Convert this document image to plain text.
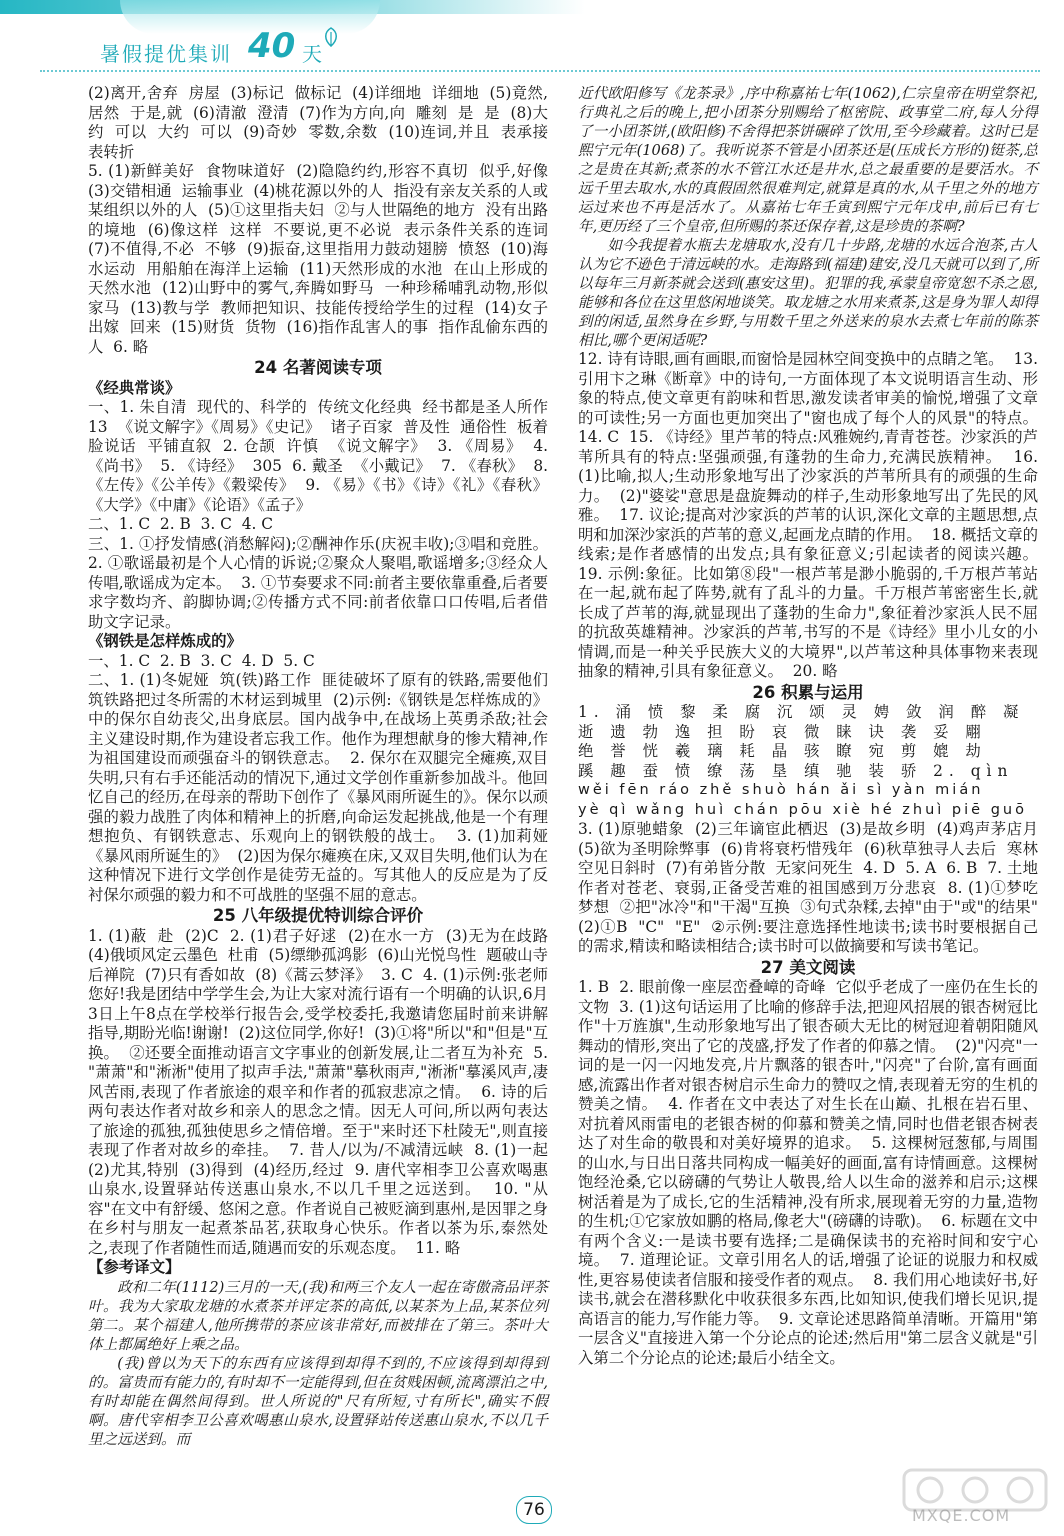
暑假提优集训 40 天

(2)离开,舍弃  房屋  (3)标记  做标记  (4)详细地  详细地  (5)竟然,居然  于是,就  (6)清澈  澄清  (7)作为方向,向  雕刻  是  是  (8)大约  可以  大约  可以  (9)奇妙  零数,余数  (10)连词,并且  表承接  表转折

5. (1)新鲜美好  食物味道好  (2)隐隐约约,形容不真切  似乎,好像  (3)交错相通  运输事业  (4)桃花源以外的人  指没有亲友关系的人或某组织以外的人  (5)①这里指夫妇  ②与人世隔绝的地方  没有出路的境地  (6)像这样  这样  不要说,更不必说  表示条件关系的连词  (7)不值得,不必  不够  (9)振奋,这里指用力鼓动翅膀  愤怒  (10)海水运动  用船舶在海洋上运输  (11)天然形成的水池  在山上形成的天然水池  (12)山野中的雾气,奔腾如野马  一种珍稀哺乳动物,形似家马  (13)教与学  教师把知识、技能传授给学生的过程  (14)女子出嫁  回来  (15)财货  货物  (16)指作乱害人的事  指作乱偷东西的人  6. 略

24 名著阅读专项

《经典常谈》

一、1. 朱自清  现代的、科学的  传统文化经典  经书都是圣人所作  13  《说文解字》《周易》《史记》  诸子百家  普及性  通俗性  板着脸说话  平铺直叙  2. 仓颉  许慎  《说文解字》  3. 《周易》  4. 《尚书》  5. 《诗经》  305  6. 戴圣  《小戴记》  7. 《春秋》  8. 《左传》《公羊传》《穀梁传》  9. 《易》《书》《诗》《礼》《春秋》  《大学》《中庸》《论语》《孟子》

二、1. C  2. B  3. C  4. C

三、1. ①抒发情感(消愁解闷);②酬神作乐(庆祝丰收);③唱和竞胜。  2. ①歌谣最初是个人心情的诉说;②聚众人聚唱,歌谣增多;③经众人传唱,歌谣成为定本。  3. ①节奏要求不同:前者主要依靠重叠,后者要求字数均齐、韵脚协调;②传播方式不同:前者依靠口口传唱,后者借助文字记录。

《钢铁是怎样炼成的》

一、1. C  2. B  3. C  4. D  5. C

二、1. (1)冬妮娅  筑(铁)路工作  匪徒破坏了原有的铁路,需要他们筑铁路把过冬所需的木材运到城里  (2)示例:《钢铁是怎样炼成的》中的保尔自幼丧父,出身底层。国内战争中,在战场上英勇杀敌;社会主义建设时期,作为建设者忘我工作。他作为理想献身的惨大精神,作为祖国建设而顽强奋斗的钢铁意志。  2. 保尔在双腿完全瘫痪,双目失明,只有右手还能活动的情况下,通过文学创作重新参加战斗。他回忆自己的经历,在母亲的帮助下创作了《暴风雨所诞生的》。保尔以顽强的毅力战胜了肉体和精神上的折磨,向命运发起挑战,他是一个有理想抱负、有钢铁意志、乐观向上的钢铁般的战士。  3. (1)加莉娅  《暴风雨所诞生的》  (2)因为保尔瘫痪在床,又双目失明,他们认为在这种情况下进行文学创作是徒劳无益的。写其他人的反应是为了反衬保尔顽强的毅力和不可战胜的坚强不屈的意志。

25 八年级提优特训综合评价

1. (1)蔽  赴  (2)C  2. (1)君子好逑  (2)在水一方  (3)无为在歧路  (4)俄顷风定云墨色  杜甫  (5)缥缈孤鸿影  (6)山光悦鸟性  题破山寺后禅院  (7)只有香如故  (8)《蒿云梦泽》  3. C  4. (1)示例:张老师您好!我是团结中学学生会,为让大家对流行语有一个明确的认识,6月3日上午8点在学校举行报告会,受学校委托,我邀请您届时前来讲解指导,期盼光临!谢谢!  (2)这位同学,你好!  (3)①将"所以"和"但是"互换。  ②还要全面推动语言文字事业的创新发展,让二者互为补充  5. "萧萧"和"淅淅"使用了拟声手法,"萧萧"摹秋雨声,"淅淅"摹溪风声,凄风苦雨,表现了作者旅途的艰辛和作者的孤寂悲凉之情。  6. 诗的后两句表达作者对故乡和亲人的思念之情。因无人可问,所以两句表达了旅途的孤独,孤独使思乡之情倍增。至于"来时还下杜陵无",则直接表现了作者对故乡的牵挂。  7. 昔人/以为/不减清远峡  8. (1)一起  (2)尤其,特别  (3)得到  (4)经历,经过  9. 唐代宰相李卫公喜欢喝惠山泉水,设置驿站传送惠山泉水,不以几千里之远送到。  10. "从容"在文中有舒缓、悠闲之意。作者说自己被贬滴到惠州,是因罪之身在乡村与朋友一起煮茶品茗,获取身心快乐。作者以茶为乐,泰然处之,表现了作者随性而适,随遇而安的乐观态度。  11. 略

【参考译文】

政和二年(1112)三月的一天,(我)和两三个友人一起在寄傲斋品评茶叶。我为大家取龙塘的水煮茶并评定茶的高低,以某茶为上品,某茶位列第二。某个福建人,他所携带的茶应该非常好,而被排在了第三。茶叶大体上都属绝好上乘之品。

(我)曾以为天下的东西有应该得到却得不到的,不应该得到却得到的。富贵而有能力的,有时却不一定能得到,但在贫贱困顿,流离漂泊之中,有时却能在偶然间得到。世人所说的"尺有所短,寸有所长",确实不假啊。唐代宰相李卫公喜欢喝惠山泉水,设置驿站传送惠山泉水,不以几千里之远送到。而

近代欧阳修写《龙茶录》,序中称嘉祐七年(1062),仁宗皇帝在明堂祭祀,行典礼之后的晚上,把小团茶分别赐给了枢密院、政事堂二府,每人分得了一小团茶饼,(欧阳修)不舍得把茶饼碾碎了饮用,至今珍藏着。这时已是熙宁元年(1068)了。我听说茶不管是小团茶还是(压成长方形的)铤茶,总之是贵在其新;煮茶的水不管江水还是井水,总之最重要的是要活水。不远千里去取水,水的真假固然很难判定,就算是真的水,从千里之外的地方运过来也不再是活水了。从嘉祐七年壬寅到熙宁元年戊申,前后已有七年,更历经了三个皇帝,但所赐的茶还保存着,这是珍贵的茶啊?

如今我提着水瓶去龙塘取水,没有几十步路,龙塘的水远合泡茶,古人认为它不逊色于清远峡的水。走海路到(福建)建安,没几天就可以到了,所以每年三月新茶就会送到(惠安这里)。犯罪的我,承蒙皇帝宽恕不杀之恩,能够和各位在这里悠闲地谈笑。取龙塘之水用来煮茶,这是身为罪人却得到的闲适,虽然身在乡野,与用数千里之外送来的泉水去煮七年前的陈茶相比,哪个更闲适呢?

12. 诗有诗眼,画有画眼,而窗恰是园林空间变换中的点睛之笔。  13. 引用卞之琳《断章》中的诗句,一方面体现了本文说明语言生动、形象的特点,使文章更有韵味和哲思,激发读者审美的愉悦,增强了文章的可读性;另一方面也更加突出了"窗也成了每个人的风景"的特点。  14. C  15. 《诗经》里芦苇的特点:风雅婉约,青青苍苍。沙家浜的芦苇所具有的特点:坚强顽强,有蓬勃的生命力,充满民族精神。  16. (1)比喻,拟人;生动形象地写出了沙家浜的芦苇所具有的顽强的生命力。  (2)"婆娑"意思是盘旋舞动的样子,生动形象地写出了先民的风雅。  17. 议论;提高对沙家浜的芦苇的认识,深化文章的主题思想,点明和加深沙家浜的芦苇的意义,起画龙点睛的作用。  18. 概括文章的线索;是作者感情的出发点;具有象征意义;引起读者的阅读兴趣。  19. 示例:象征。比如第⑧段"一根芦苇是渺小脆弱的,千万根芦苇站在一起,就布起了阵势,就有了乱斗的力量。千万根芦苇密密生长,就长成了芦苇的海,就显现出了蓬勃的生命力",象征着沙家浜人民不屈的抗敌英雄精神。沙家浜的芦苇,书写的不是《诗经》里小儿女的小情调,而是一种关乎民族大义的大境界",以芦苇这种具体事物来表现抽象的精神,引具有象征意义。  20. 略

26 积累与运用

1. 涌 愤 黎 柔 腐 沉 颂 灵 娉 敛 润 醉 凝

逝 遗 勃 逸 担 盼 哀 微 睐 诀 袭 妥 翢

绝 誉 恍 羲 璃 耗 晶 骇 瞭 宛 剪 媲 劫

蹊 趣 蚕 愤 缭 荡 垦 缜 驰 装 骄 2. qìn

wěi fēn ráo zhě shuò hán ǎi sì yàn mián

yè qì wǎng huì chán pōu xiè hé zhuì piē guō

3. (1)原驰蜡象  (2)三年谪宦此栖迟  (3)是故乡明  (4)鸡声茅店月  (5)欲为圣明除弊事  (6)肯将衰朽惜残年  (6)秋草独寻人去后  寒林空见日斜时  (7)有弟皆分散  无家问死生  4. D  5. A  6. B  7. 土地  作者对苍老、衰弱,正备受苦难的祖国感到万分悲哀  8. (1)①梦吃  梦想  ②把"冰冷"和"干渴"互换  ③句式杂糅,去掉"由于"或"的结果"  (2)①B  "C"  "E"  ②示例:要注意选择性地读书;读书时要根据自己的需求,精读和略读相结合;读书时可以做摘要和写读书笔记。

27 美文阅读

1. B  2. 眼前像一座层峦叠嶂的奇峰  它似乎老成了一座仍在生长的文物  3. (1)这句话运用了比喻的修辞手法,把迎风招展的银杏树冠比作"十万旌旗",生动形象地写出了银杏硕大无比的树冠迎着朝阳随风舞动的情形,突出了它的茂盛,抒发了作者的仰慕之情。  (2)"闪亮"一词的是一闪一闪地发亮,片片飘落的银杏叶,"闪亮"了台阶,富有画面感,流露出作者对银杏树启示生命力的赞叹之情,表现着无穷的生机的赞美之情。  4. 作者在文中表达了对生长在山巅、扎根在岩石里、对抗着风雨雷电的老银杏树的仰慕和赞美之情,同时也借老银杏树表达了对生命的敬畏和对美好境界的追求。  5. 这棵树冠葱郁,与周围的山水,与日出日落共同构成一幅美好的画面,富有诗情画意。这棵树饱经沧桑,它以磅礴的气势让人敬畏,给人以生命的滋养和启示;这棵树活着是为了成长,它的生活精神,没有所求,展现着无穷的力量,造物的生机;①它家放如鹏的格局,像老大"(磅礴的诗歌)。  6. 标题在文中有两个含义:一是读书要有选择;二是确保读书的充裕时间和安宁心境。  7. 道理论证。文章引用名人的话,增强了论证的说服力和权威性,更容易使读者信服和接受作者的观点。  8. 我们用心地读好书,好读书,就会在潜移默化中收获很多东西,比如知识,使我们增长见识,提高语言的能力,写作能力等。  9. 文章论述思路简单清晰。开篇用"第一层含义"直接进入第一个分论点的论述;然后用"第二层含义就是"引入第二个分论点的论述;最后小结全文。

76	MXQE.COM
